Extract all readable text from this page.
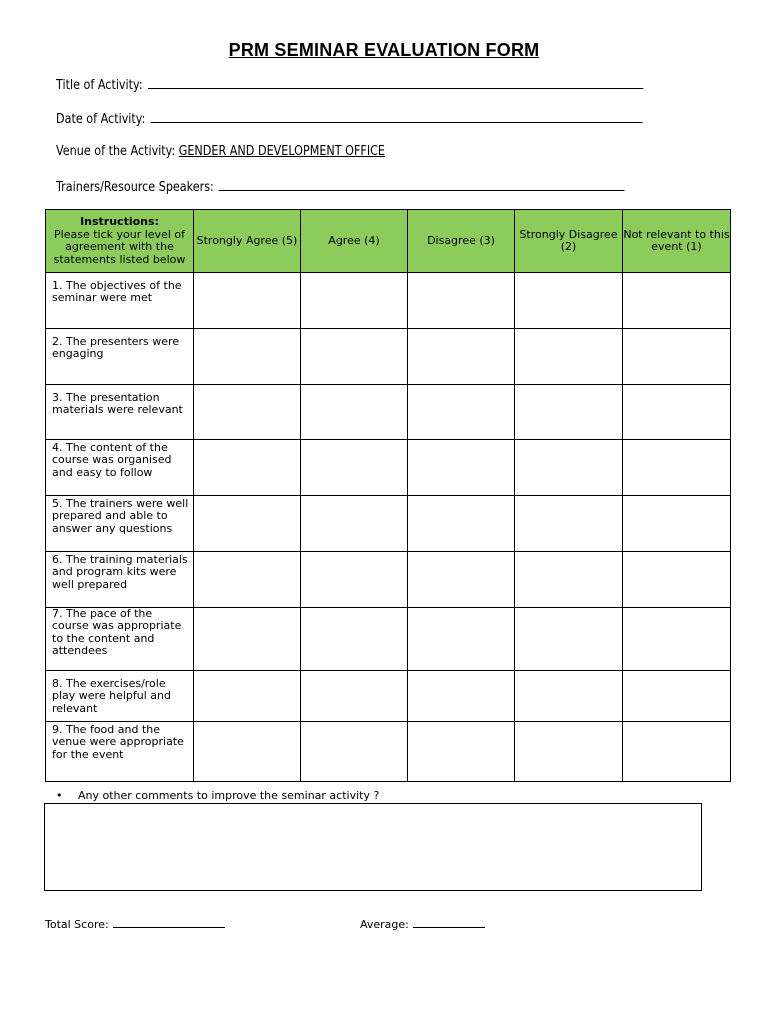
PRM SEMINAR EVALUATION FORM
Title of Activity:
Date of Activity:
Venue of the Activity: GENDER AND DEVELOPMENT OFFICE
Trainers/Resource Speakers:
Instructions:
Please tick your level of agreement with the statements listed below	Strongly Agree (5)	Agree (4)	Disagree (3)	Strongly Disagree (2)	Not relevant to this event (1)
1. The objectives of the seminar were met					
2. The presenters were engaging					
3. The presentation materials were relevant					
4. The content of the course was organised and easy to follow					
5. The trainers were well prepared and able to answer any questions					
6. The training materials and program kits were well prepared					
7. The pace of the course was appropriate to the content and attendees					
8. The exercises/role play were helpful and relevant					
9. The food and the venue were appropriate for the event					
• Any other comments to improve the seminar activity ?
Total Score:	Average:
